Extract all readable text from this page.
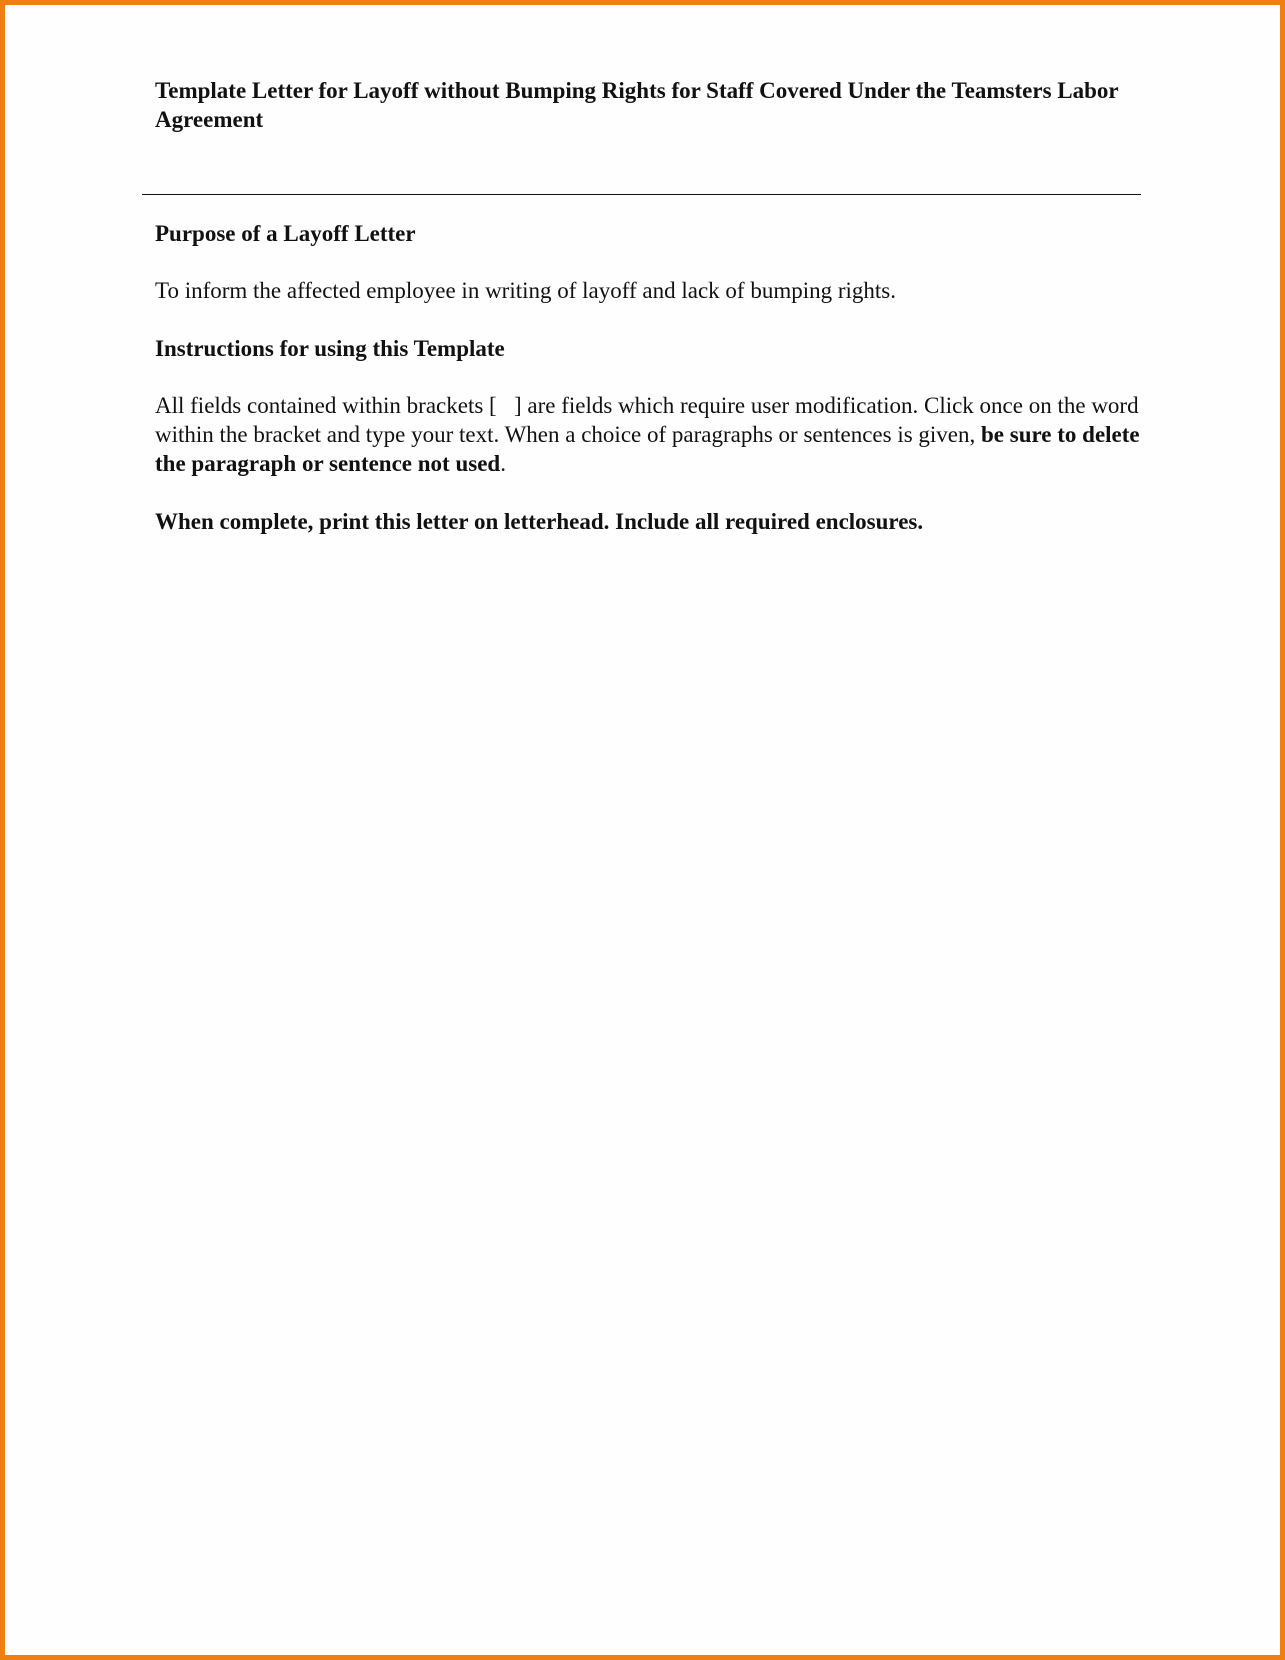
Template Letter for Layoff without Bumping Rights for Staff Covered Under the Teamsters Labor Agreement
Purpose of a Layoff Letter

To inform the affected employee in writing of layoff and lack of bumping rights.

Instructions for using this Template

All fields contained within brackets [   ] are fields which require user modification. Click once on the word within the bracket and type your text. When a choice of paragraphs or sentences is given, be sure to delete the paragraph or sentence not used.

When complete, print this letter on letterhead. Include all required enclosures.
